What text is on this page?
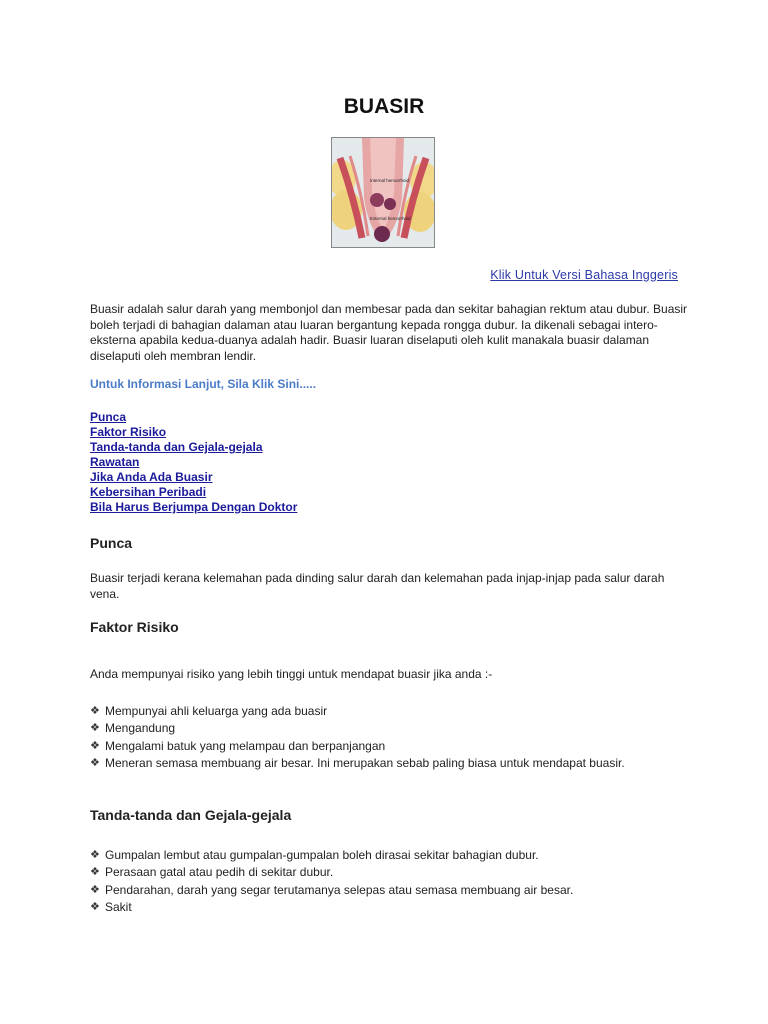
BUASIR
Internal hemorrhoid
External hemorrhoid
Klik Untuk Versi Bahasa Inggeris
Buasir adalah salur darah yang membonjol dan membesar pada dan sekitar bahagian rektum atau dubur. Buasir boleh terjadi di bahagian dalaman atau luaran bergantung kepada rongga dubur. Ia dikenali sebagai intero-eksterna apabila kedua-duanya adalah hadir. Buasir luaran diselaputi oleh kulit manakala buasir dalaman diselaputi oleh membran lendir.
Untuk Informasi Lanjut, Sila Klik Sini.....
Punca
Faktor Risiko
Tanda-tanda dan Gejala-gejala
Rawatan
Jika Anda Ada Buasir
Kebersihan Peribadi
Bila Harus Berjumpa Dengan Doktor
Punca
Buasir terjadi kerana kelemahan pada dinding salur darah dan kelemahan pada injap-injap pada salur darah vena.
Faktor Risiko
Anda mempunyai risiko yang lebih tinggi untuk mendapat buasir jika anda :-
❖ Mempunyai ahli keluarga yang ada buasir
❖ Mengandung
❖ Mengalami batuk yang melampau dan berpanjangan
❖ Meneran semasa membuang air besar. Ini merupakan sebab paling biasa untuk mendapat buasir.
Tanda-tanda dan Gejala-gejala
❖ Gumpalan lembut atau gumpalan-gumpalan boleh dirasai sekitar bahagian dubur.
❖ Perasaan gatal atau pedih di sekitar dubur.
❖ Pendarahan, darah yang segar terutamanya selepas atau semasa membuang air besar.
❖ Sakit
